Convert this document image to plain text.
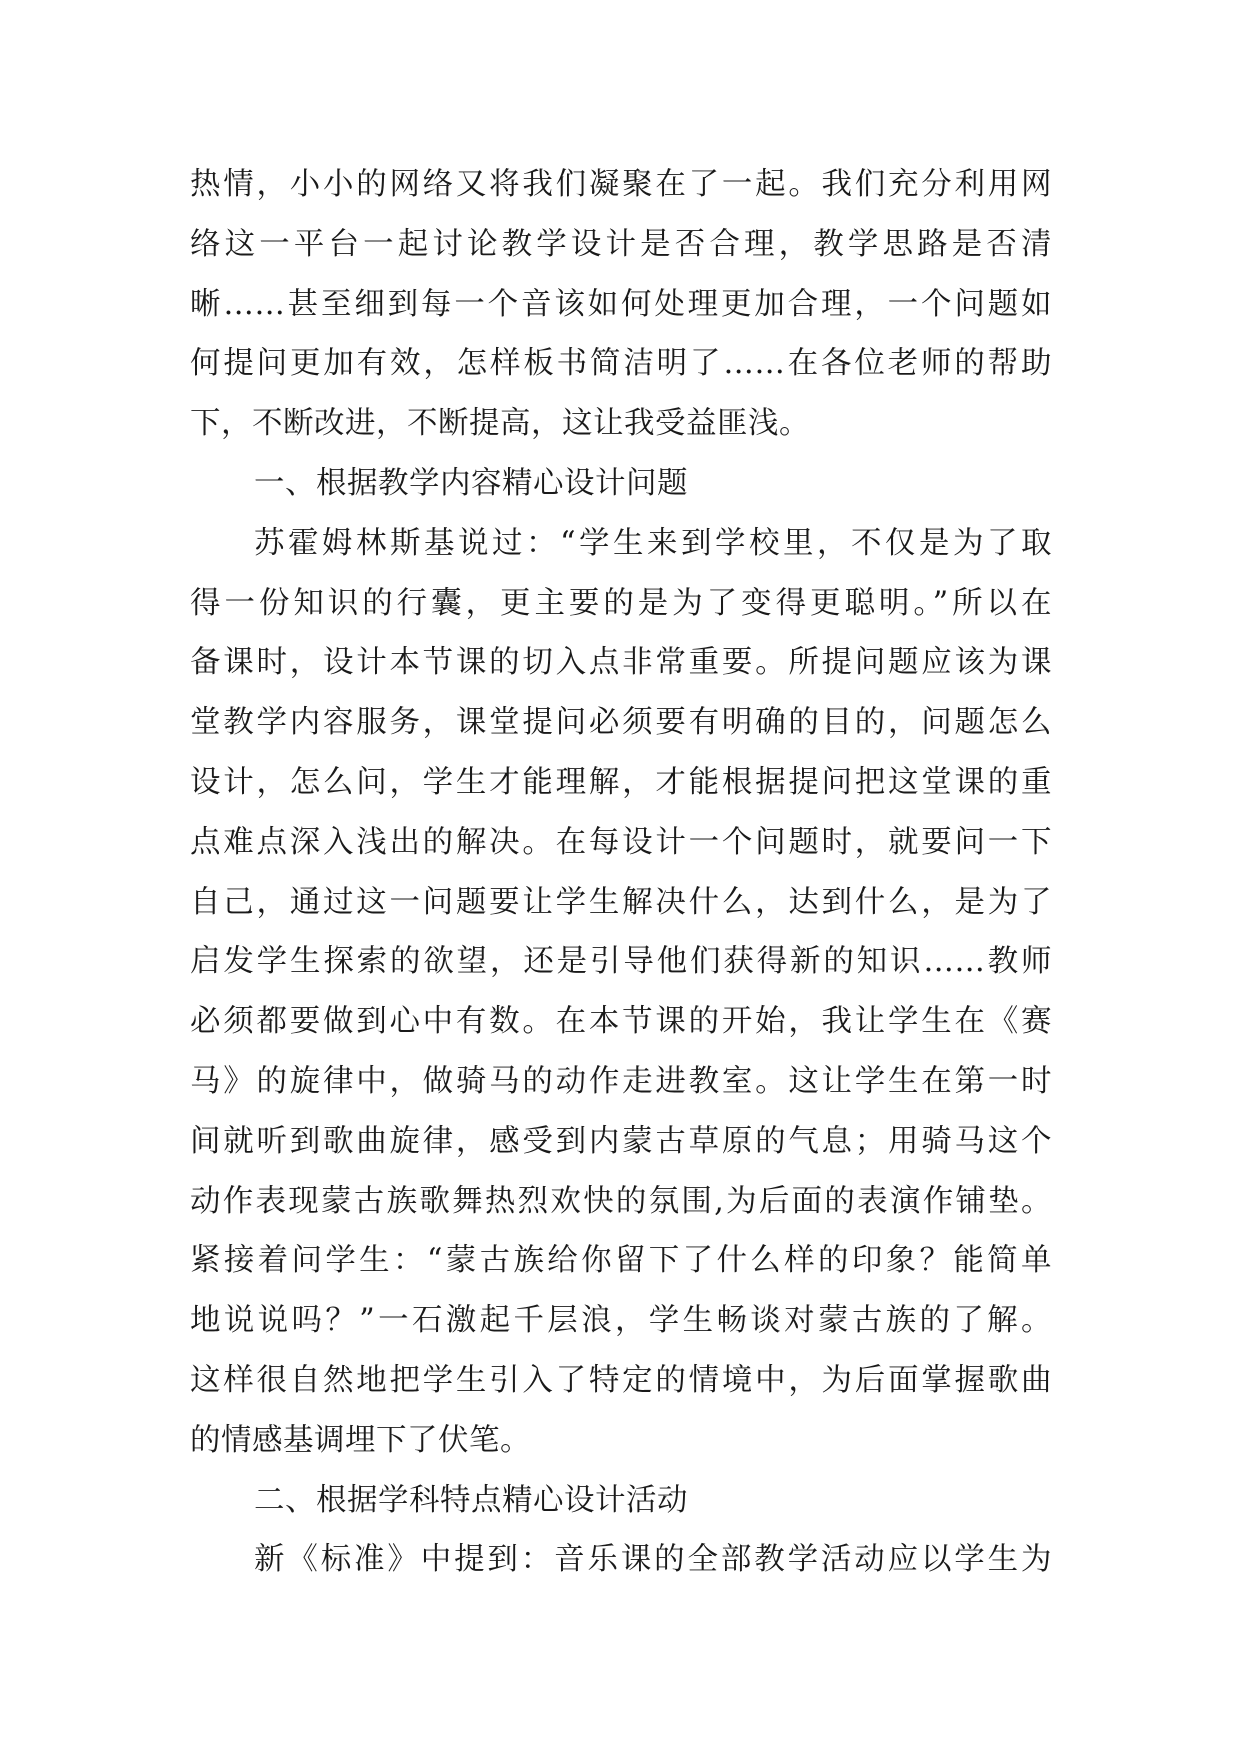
热情，小小的网络又将我们凝聚在了一起。我们充分利用网
络这一平台一起讨论教学设计是否合理，教学思路是否清
晰……甚至细到每一个音该如何处理更加合理，一个问题如
何提问更加有效，怎样板书简洁明了……在各位老师的帮助
下，不断改进，不断提高，这让我受益匪浅。
一、根据教学内容精心设计问题
苏霍姆林斯基说过：“学生来到学校里，不仅是为了取
得一份知识的行囊，更主要的是为了变得更聪明。”所以在
备课时，设计本节课的切入点非常重要。所提问题应该为课
堂教学内容服务，课堂提问必须要有明确的目的，问题怎么
设计，怎么问，学生才能理解，才能根据提问把这堂课的重
点难点深入浅出的解决。在每设计一个问题时，就要问一下
自己，通过这一问题要让学生解决什么，达到什么，是为了
启发学生探索的欲望，还是引导他们获得新的知识……教师
必须都要做到心中有数。在本节课的开始，我让学生在《赛
马》的旋律中，做骑马的动作走进教室。这让学生在第一时
间就听到歌曲旋律，感受到内蒙古草原的气息；用骑马这个
动作表现蒙古族歌舞热烈欢快的氛围,为后面的表演作铺垫。
紧接着问学生：“蒙古族给你留下了什么样的印象？能简单
地说说吗？”一石激起千层浪，学生畅谈对蒙古族的了解。
这样很自然地把学生引入了特定的情境中，为后面掌握歌曲
的情感基调埋下了伏笔。
二、根据学科特点精心设计活动
新《标准》中提到：音乐课的全部教学活动应以学生为
